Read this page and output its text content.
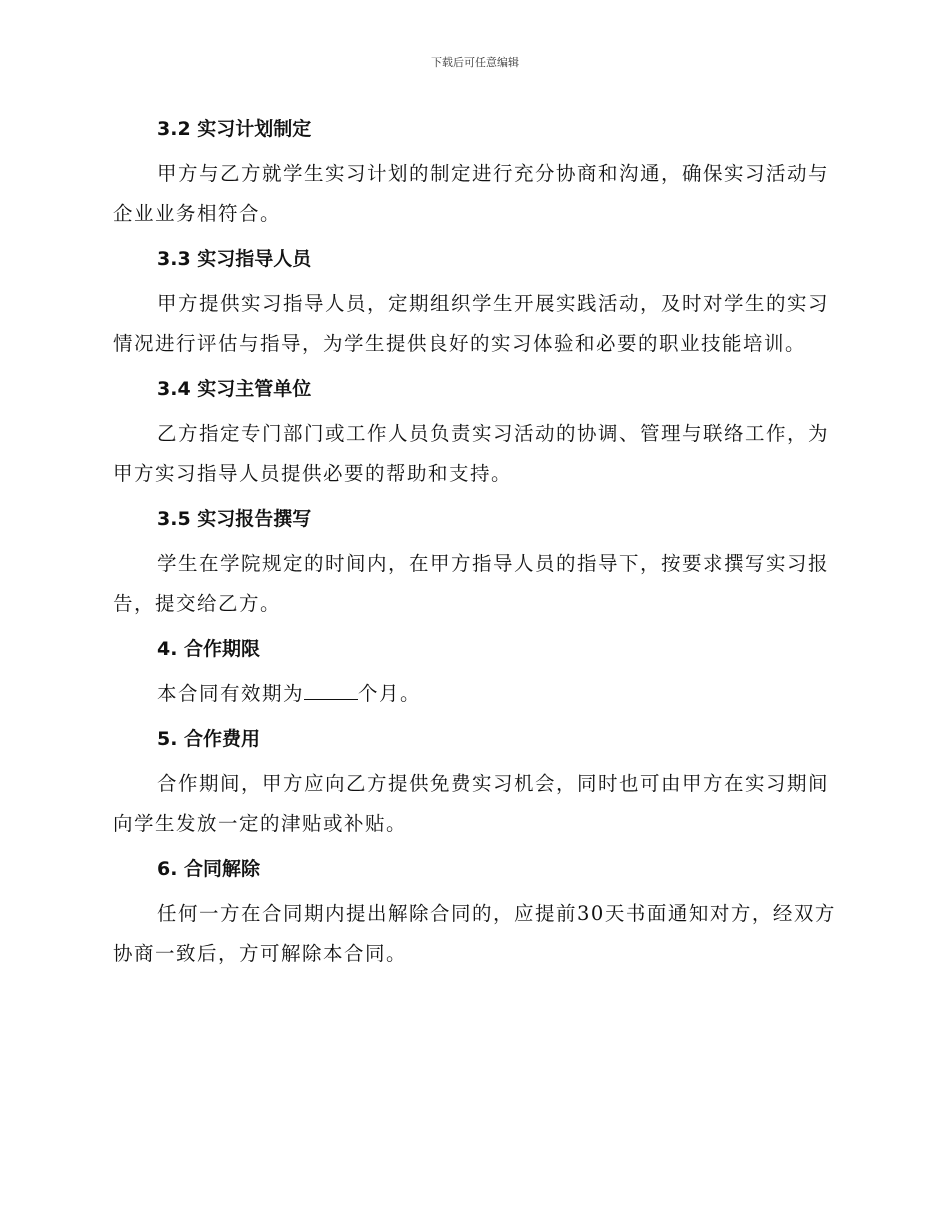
下载后可任意编辑
3.2 实习计划制定

甲方与乙方就学生实习计划的制定进行充分协商和沟通，确保实习活动与企业业务相符合。

3.3 实习指导人员

甲方提供实习指导人员，定期组织学生开展实践活动，及时对学生的实习情况进行评估与指导，为学生提供良好的实习体验和必要的职业技能培训。

3.4 实习主管单位

乙方指定专门部门或工作人员负责实习活动的协调、管理与联络工作，为甲方实习指导人员提供必要的帮助和支持。

3.5 实习报告撰写

学生在学院规定的时间内，在甲方指导人员的指导下，按要求撰写实习报告，提交给乙方。

4. 合作期限

本合同有效期为	个月。

5. 合作费用

合作期间，甲方应向乙方提供免费实习机会，同时也可由甲方在实习期间向学生发放一定的津贴或补贴。

6. 合同解除

任何一方在合同期内提出解除合同的，应提前30天书面通知对方，经双方协商一致后，方可解除本合同。
